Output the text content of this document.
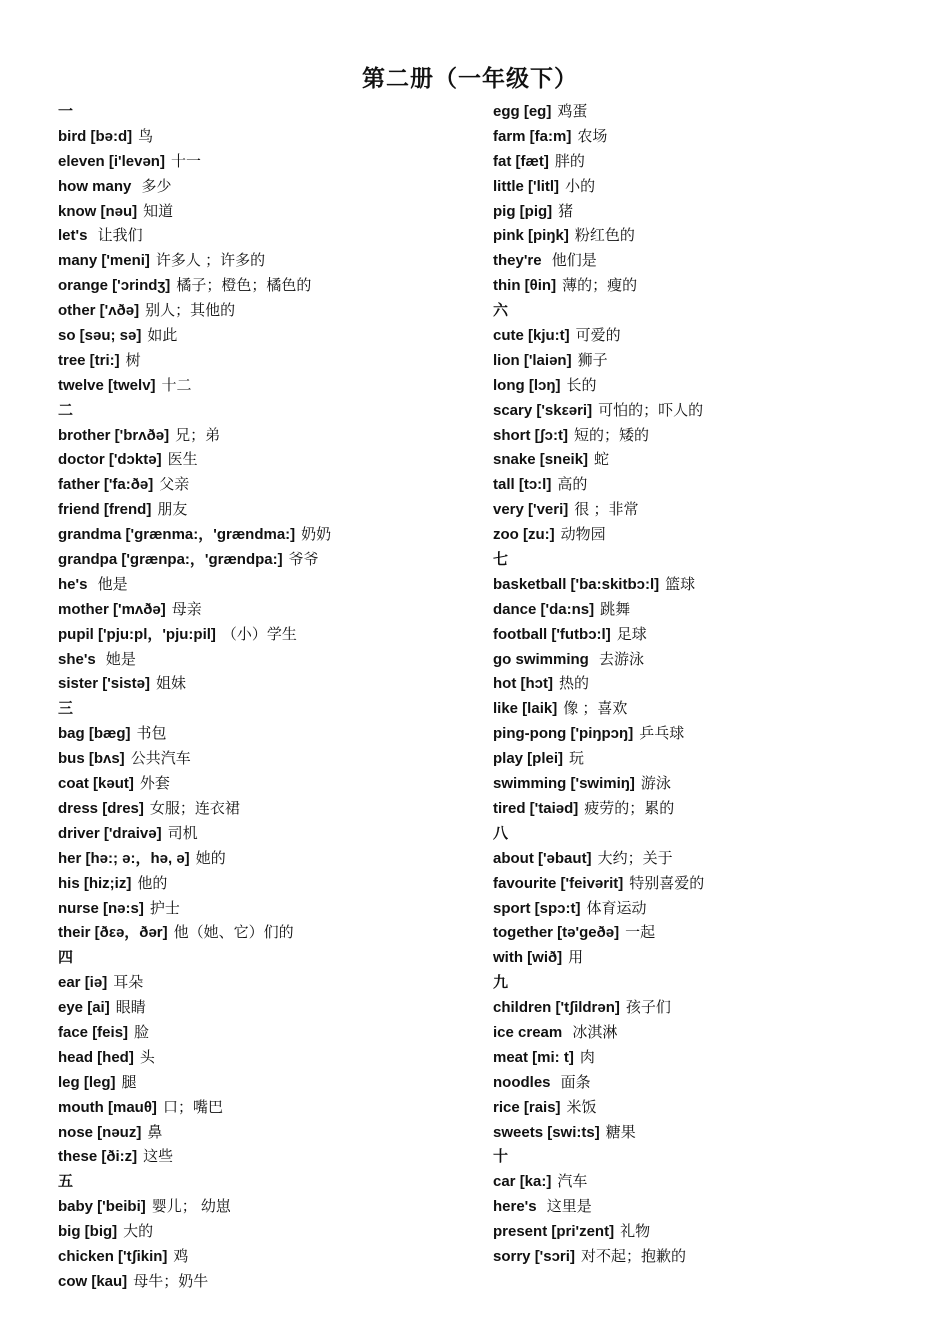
第二册（一年级下）
一
bird [bə:d] 鸟
eleven [i'levən] 十一
how many 多少
know [nəu] 知道
let's 让我们
many ['meni] 许多人 ；许多的
orange ['ɔrindʒ] 橘子；橙色；橘色的
other ['ʌðə] 别人；其他的
so [səu; sə] 如此
tree [tri:] 树
twelve [twelv] 十二
二
brother ['brʌðə] 兄；弟
doctor ['dɔktə] 医生
father ['fa:ðə] 父亲
friend [frend] 朋友
grandma ['grænma:，'grændma:] 奶奶
grandpa ['grænpa:，'grændpa:] 爷爷
he's 他是
mother ['mʌðə] 母亲
pupil ['pju:pl，'pju:pil] （小）学生
she's 她是
sister ['sistə] 姐妹
三
bag [bæg] 书包
bus [bʌs] 公共汽车
coat [kəut] 外套
dress [dres] 女服；连衣裙
driver ['draivə] 司机
her [hə:; ə:，hə, ə] 她的
his [hiz;iz] 他的
nurse [nə:s] 护士
their [ðεə，ðər] 他（她、它）们的
四
ear [iə] 耳朵
eye [ai] 眼睛
face [feis] 脸
head [hed] 头
leg [leg] 腿
mouth [mauθ] 口；嘴巴
nose [nəuz] 鼻
these [ði:z] 这些
五
baby ['beibi] 婴儿； 幼崽
big [big] 大的
chicken ['tʃikin] 鸡
cow [kau] 母牛；奶牛
egg [eg] 鸡蛋
farm [fa:m] 农场
fat [fæt] 胖的
little ['litl] 小的
pig [pig] 猪
pink [piŋk] 粉红色的
they're 他们是
thin [θin] 薄的；瘦的
六
cute [kju:t] 可爱的
lion ['laiən] 狮子
long [lɔŋ] 长的
scary ['skεəri] 可怕的；吓人的
short [ʃɔ:t] 短的；矮的
snake [sneik] 蛇
tall [tɔ:l] 高的
very ['veri] 很 ；非常
zoo [zu:] 动物园
七
basketball ['ba:skitbɔ:l] 篮球
dance ['da:ns] 跳舞
football ['futbɔ:l] 足球
go swimming 去游泳
hot [hɔt] 热的
like [laik] 像 ；喜欢
ping-pong ['piŋpɔŋ] 乒乓球
play [plei] 玩
swimming ['swimiŋ] 游泳
tired ['taiəd] 疲劳的；累的
八
about ['əbaut] 大约；关于
favourite ['feivərit] 特别喜爱的
sport [spɔ:t] 体育运动
together [tə'geðə] 一起
with [wið] 用
九
children ['tʃildrən] 孩子们
ice cream 冰淇淋
meat [mi: t] 肉
noodles 面条
rice [rais] 米饭
sweets [swi:ts] 糖果
十
car [ka:] 汽车
here's 这里是
present [pri'zent] 礼物
sorry ['sɔri] 对不起；抱歉的
